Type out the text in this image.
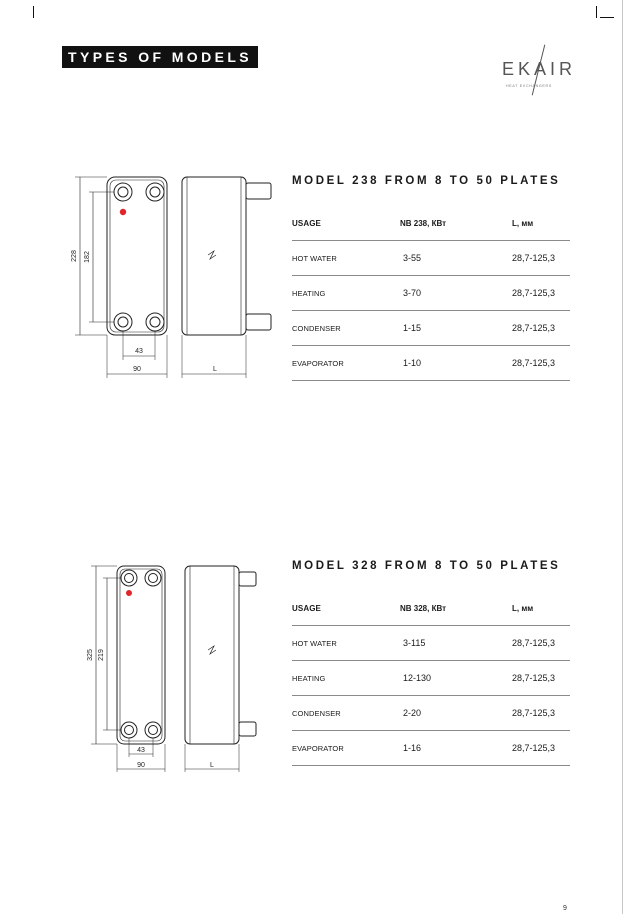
TYPES OF MODELS
EKAIR
HEAT EXCHANGERS
228 182
43
90	L
MODEL 238 FROM 8 TO 50 PLATES
USAGE	NB 238, КВт	L, мм
HOT WATER	3-55	28,7-125,3
HEATING	3-70	28,7-125,3
CONDENSER	1-15	28,7-125,3
EVAPORATOR	1-10	28,7-125,3
325 219
43
90	L
MODEL 328 FROM 8 TO 50 PLATES
USAGE	NB 328, КВт	L, мм
HOT WATER	3-115	28,7-125,3
HEATING	12-130	28,7-125,3
CONDENSER	2-20	28,7-125,3
EVAPORATOR	1-16	28,7-125,3
9
